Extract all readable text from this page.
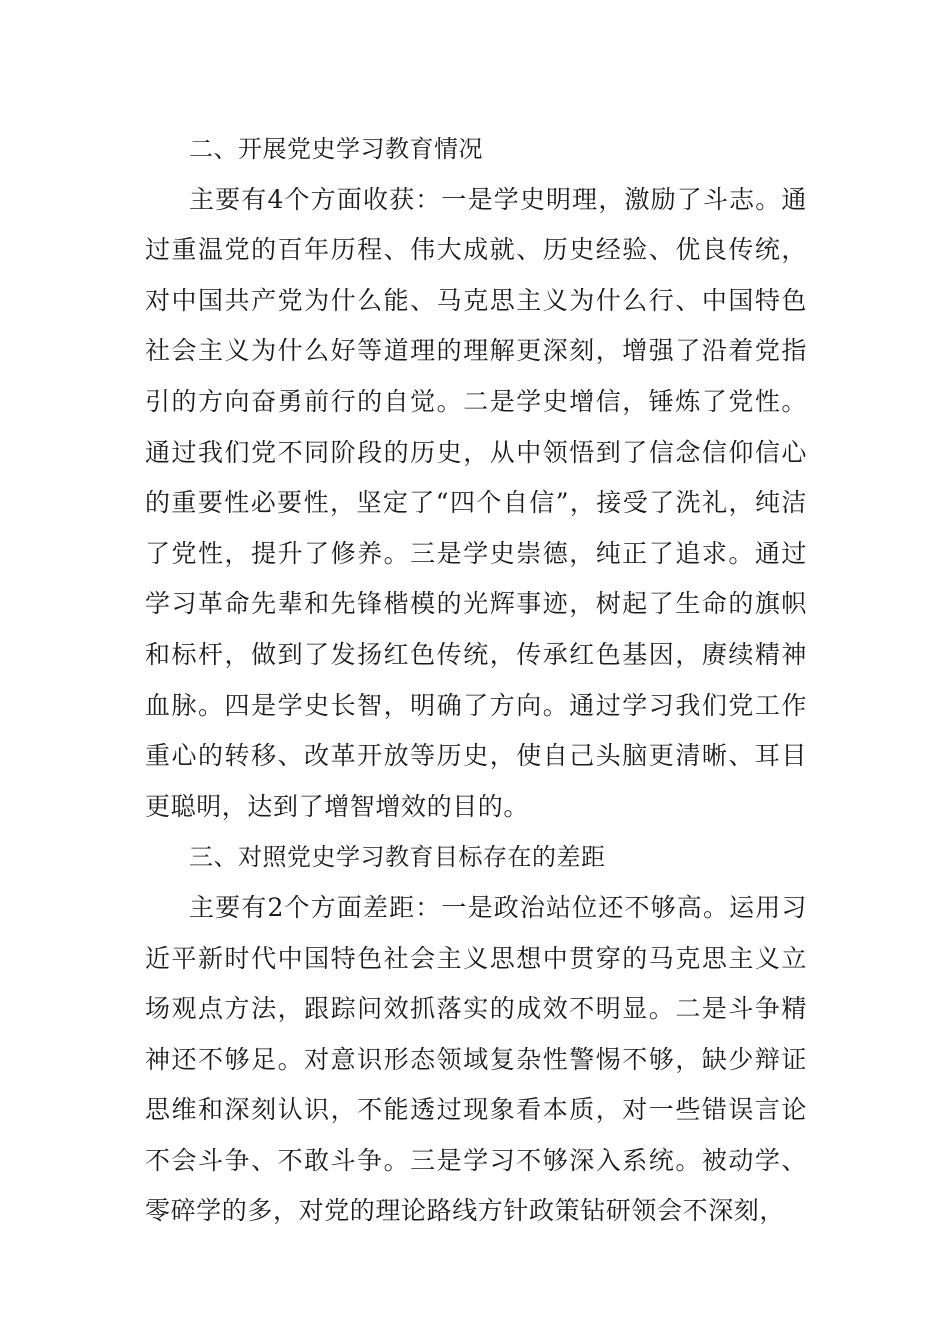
二、开展党史学习教育情况

主要有4个方面收获：一是学史明理，激励了斗志。通过重温党的百年历程、伟大成就、历史经验、优良传统，对中国共产党为什么能、马克思主义为什么行、中国特色社会主义为什么好等道理的理解更深刻，增强了沿着党指引的方向奋勇前行的自觉。二是学史增信，锤炼了党性。通过我们党不同阶段的历史，从中领悟到了信念信仰信心的重要性必要性，坚定了“四个自信”，接受了洗礼，纯洁了党性，提升了修养。三是学史崇德，纯正了追求。通过学习革命先辈和先锋楷模的光辉事迹，树起了生命的旗帜和标杆，做到了发扬红色传统，传承红色基因，赓续精神血脉。四是学史长智，明确了方向。通过学习我们党工作重心的转移、改革开放等历史，使自己头脑更清晰、耳目更聪明，达到了增智增效的目的。

三、对照党史学习教育目标存在的差距

主要有2个方面差距：一是政治站位还不够高。运用习近平新时代中国特色社会主义思想中贯穿的马克思主义立场观点方法，跟踪问效抓落实的成效不明显。二是斗争精神还不够足。对意识形态领域复杂性警惕不够，缺少辩证思维和深刻认识，不能透过现象看本质，对一些错误言论不会斗争、不敢斗争。三是学习不够深入系统。被动学、零碎学的多，对党的理论路线方针政策钻研领会不深刻，
